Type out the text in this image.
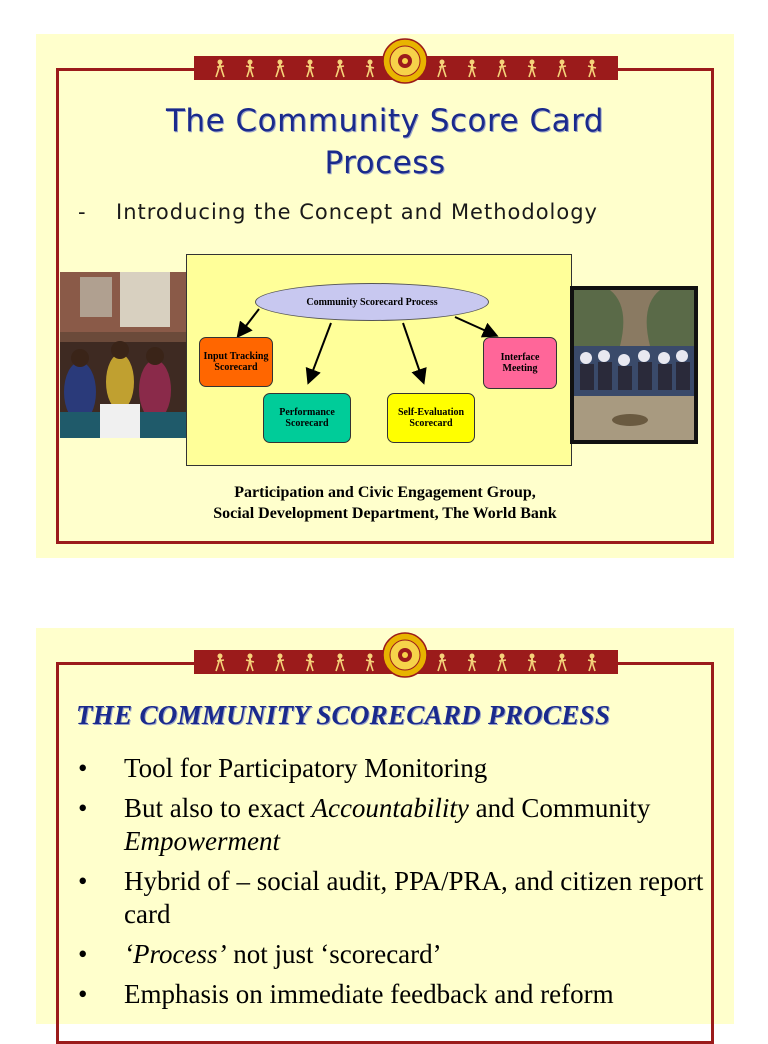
The Community Score Card
Process
- Introducing the Concept and Methodology
Community Scorecard Process
Input Tracking Scorecard
Performance Scorecard
Self-Evaluation Scorecard
Interface Meeting
Participation and Civic Engagement Group,
Social Development Department, The World Bank
THE COMMUNITY SCORECARD PROCESS
• Tool for Participatory Monitoring
• But also to exact Accountability and Community Empowerment
• Hybrid of – social audit, PPA/PRA, and citizen report card
• ‘Process’ not just ‘scorecard’
• Emphasis on immediate feedback and reform
